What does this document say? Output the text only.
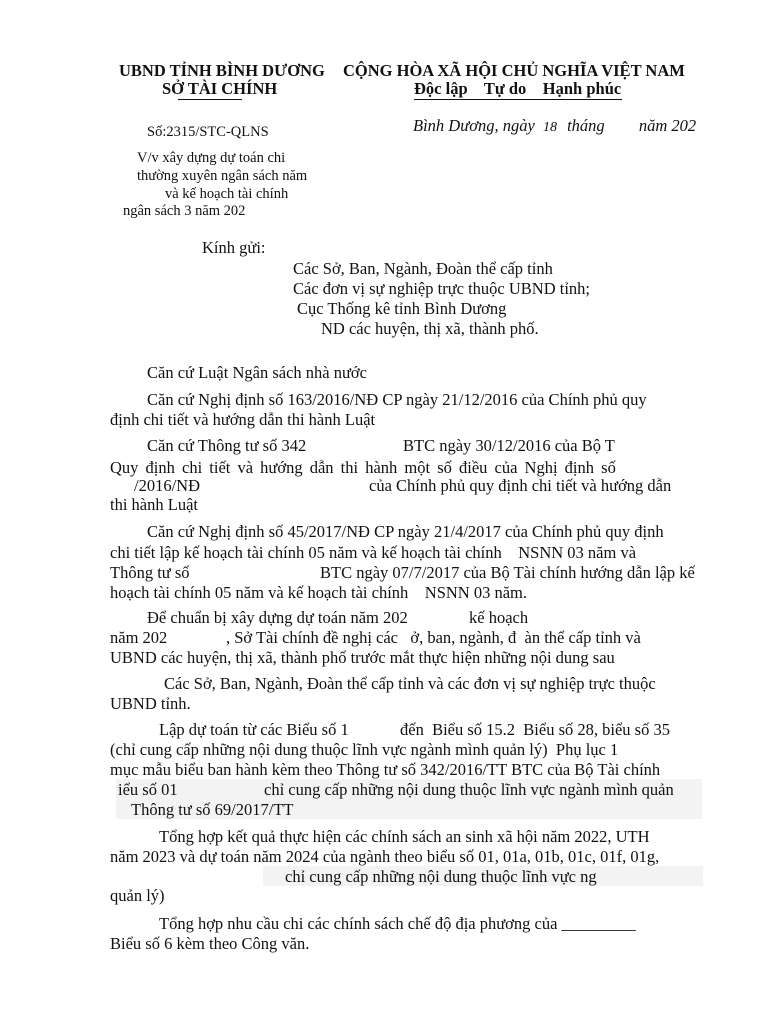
UBND TỈNH BÌNH DƯƠNG
SỞ TÀI CHÍNH
CỘNG HÒA XÃ HỘI CHỦ NGHĨA VIỆT NAM
Độc lập    Tự do    Hạnh phúc
Số:2315/STC-QLNS	Bình Dương, ngày 18 tháng năm 202
V/v xây dựng dự toán chi
thường xuyên ngân sách năm
và kế hoạch tài chính
ngân sách 3 năm 202
Kính gửi:
Các Sở, Ban, Ngành, Đoàn thể cấp tỉnh
Các đơn vị sự nghiệp trực thuộc UBND tỉnh;
Cục Thống kê tỉnh Bình Dương
ND các huyện, thị xã, thành phố.
Căn cứ Luật Ngân sách nhà nước
Căn cứ Nghị định số 163/2016/NĐ CP ngày 21/12/2016 của Chính phủ quy
định chi tiết và hướng dẫn thi hành Luật
Căn cứ Thông tư số 342	BTC ngày 30/12/2016 của Bộ T
Quy định chi tiết và hướng dẫn thi hành một số điều của Nghị định số
/2016/NĐ	của Chính phủ quy định chi tiết và hướng dẫn
thi hành Luật
Căn cứ Nghị định số 45/2017/NĐ CP ngày 21/4/2017 của Chính phủ quy định
chi tiết lập kế hoạch tài chính 05 năm và kế hoạch tài chính    NSNN 03 năm và
Thông tư số	BTC ngày 07/7/2017 của Bộ Tài chính hướng dẫn lập kế
hoạch tài chính 05 năm và kế hoạch tài chính    NSNN 03 năm.
Để chuẩn bị xây dựng dự toán năm 202	kế hoạch
năm 202	, Sở Tài chính đề nghị các   ở, ban, ngành, đ  àn thể cấp tỉnh và
UBND các huyện, thị xã, thành phố trước mắt thực hiện những nội dung sau
Các Sở, Ban, Ngành, Đoàn thể cấp tỉnh và các đơn vị sự nghiệp trực thuộc
UBND tỉnh.
Lập dự toán từ các Biểu số 1	đến  Biểu số 15.2  Biểu số 28, biểu số 35
(chỉ cung cấp những nội dung thuộc lĩnh vực ngành mình quản lý)  Phụ lục 1
mục mẫu biểu ban hành kèm theo Thông tư số 342/2016/TT BTC của Bộ Tài chính
iểu số 01	chỉ cung cấp những nội dung thuộc lĩnh vực ngành mình quản
Thông tư số 69/2017/TT
Tổng hợp kết quả thực hiện các chính sách an sinh xã hội năm 2022, UTH
năm 2023 và dự toán năm 2024 của ngành theo biểu số 01, 01a, 01b, 01c, 01f, 01g,
chỉ cung cấp những nội dung thuộc lĩnh vực ng
quản lý)
Tổng hợp nhu cầu chi các chính sách chế độ địa phương của _________
Biểu số 6 kèm theo Công văn.
